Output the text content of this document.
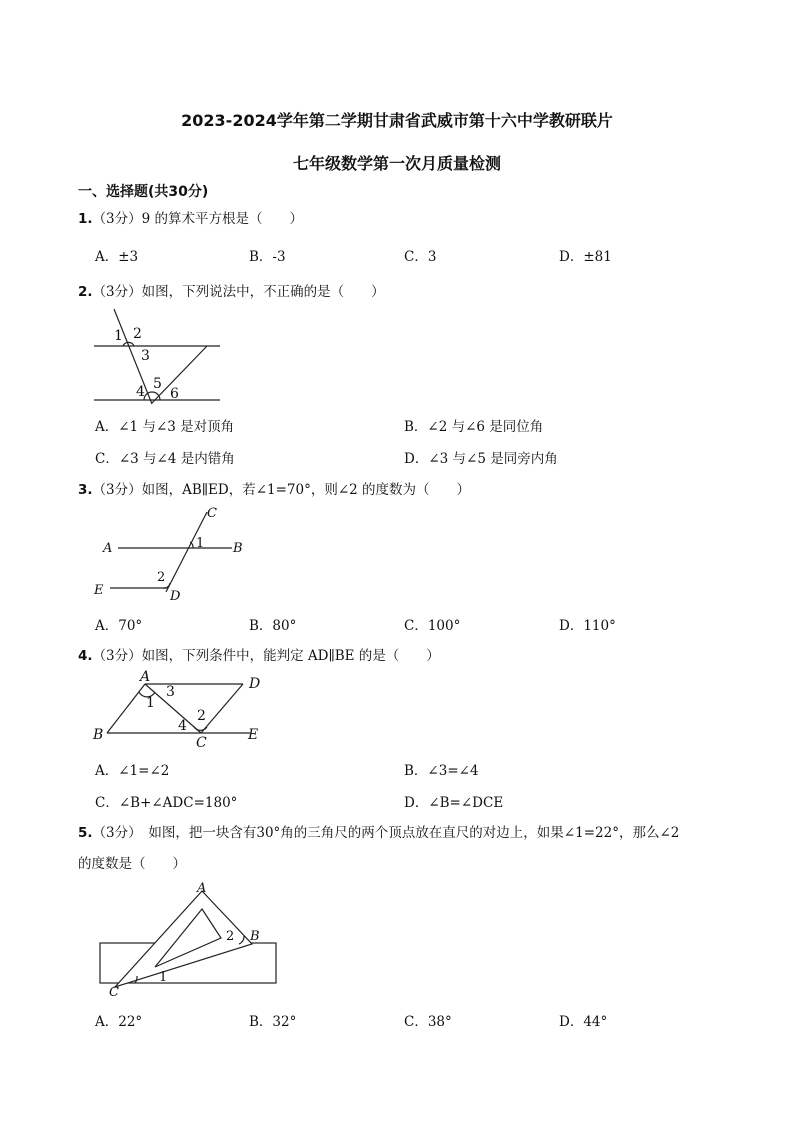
2023-2024学年第二学期甘肃省武威市第十六中学教研联片
七年级数学第一次月质量检测
一、选择题(共30分)
1.（3分）9 的算术平方根是（　　）
A．±3	B．-3	C．3	D．±81
2.（3分）如图，下列说法中，不正确的是（　　）
1 2
3
4 5
6
A．∠1 与∠3 是对顶角	B．∠2 与∠6 是同位角
C．∠3 与∠4 是内错角	D．∠3 与∠5 是同旁内角
3.（3分）如图，AB∥ED，若∠1=70°，则∠2 的度数为（　　）
C
A	1 B
E
2
D
A．70°	B．80°	C．100°	D．110°
4.（3分）如图，下列条件中，能判定 AD∥BE 的是（　　）
A	D
3
1
2
4
B	C	E
A．∠1=∠2	B．∠3=∠4
C．∠B+∠ADC=180°	D．∠B=∠DCE
5.（3分）　如图，把一块含有30°角的三角尺的两个顶点放在直尺的对边上，如果∠1=22°，那么∠2
的度数是（　　）
A
2 B
C
1
A．22°	B．32°	C．38°	D．44°
